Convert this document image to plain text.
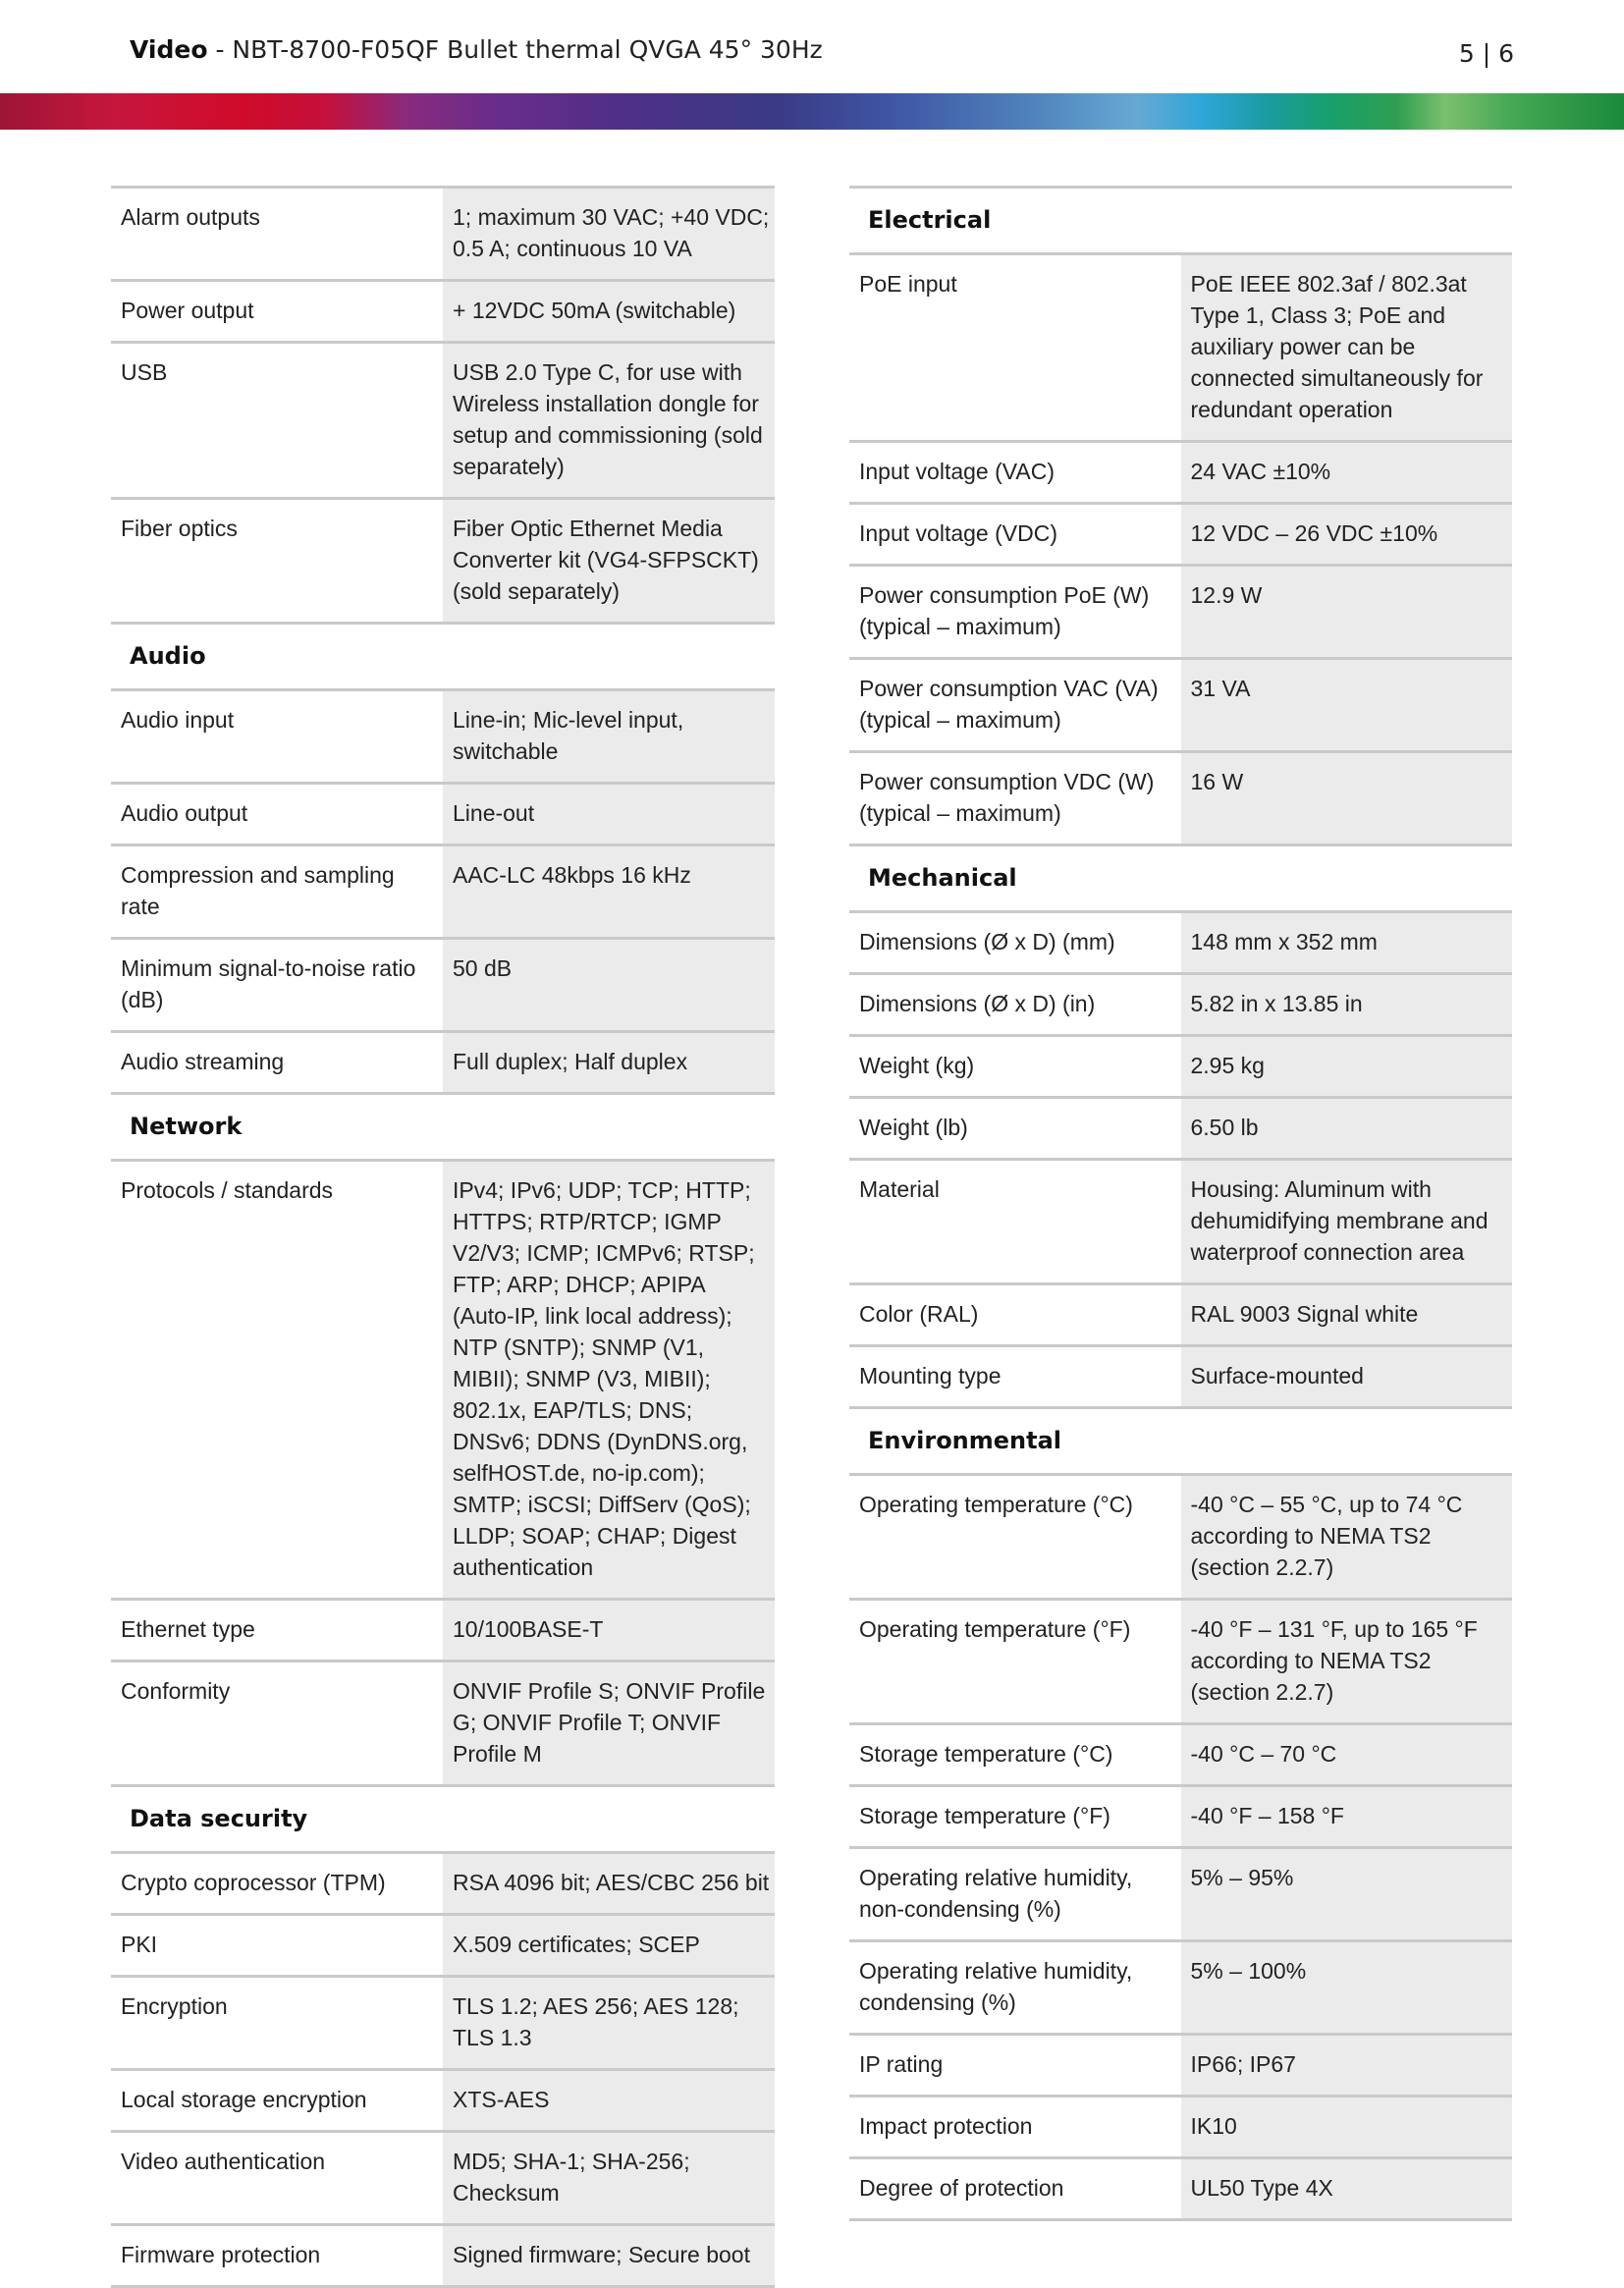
Video - NBT-8700-F05QF Bullet thermal QVGA 45° 30Hz	5 | 6
Alarm outputs	1; maximum 30 VAC; +40 VDC; 0.5 A; continuous 10 VA
Power output	+ 12VDC 50mA (switchable)
USB	USB 2.0 Type C, for use with Wireless installation dongle for setup and commissioning (sold separately)
Fiber optics	Fiber Optic Ethernet Media Converter kit (VG4-SFPSCKT) (sold separately)
Audio	
Audio input	Line-in; Mic-level input, switchable
Audio output	Line-out
Compression and sampling rate	AAC-LC 48kbps 16 kHz
Minimum signal-to-noise ratio (dB)	50 dB
Audio streaming	Full duplex; Half duplex
Network	
Protocols / standards	IPv4; IPv6; UDP; TCP; HTTP; HTTPS; RTP/RTCP; IGMP V2/V3; ICMP; ICMPv6; RTSP; FTP; ARP; DHCP; APIPA (Auto-IP, link local address); NTP (SNTP); SNMP (V1, MIBII); SNMP (V3, MIBII); 802.1x, EAP/TLS; DNS; DNSv6; DDNS (DynDNS.org, selfHOST.de, no-ip.com); SMTP; iSCSI; DiffServ (QoS); LLDP; SOAP; CHAP; Digest authentication
Ethernet type	10/100BASE-T
Conformity	ONVIF Profile S; ONVIF Profile G; ONVIF Profile T; ONVIF Profile M
Data security	
Crypto coprocessor (TPM)	RSA 4096 bit; AES/CBC 256 bit
PKI	X.509 certificates; SCEP
Encryption	TLS 1.2; AES 256; AES 128; TLS 1.3
Local storage encryption	XTS-AES
Video authentication	MD5; SHA-1; SHA-256; Checksum
Firmware protection	Signed firmware; Secure boot
Electrical	
PoE input	PoE IEEE 802.3af / 802.3at Type 1, Class 3; PoE and auxiliary power can be connected simultaneously for redundant operation
Input voltage (VAC)	24 VAC ±10%
Input voltage (VDC)	12 VDC – 26 VDC ±10%
Power consumption PoE (W) (typical – maximum)	12.9 W
Power consumption VAC (VA) (typical – maximum)	31 VA
Power consumption VDC (W) (typical – maximum)	16 W
Mechanical	
Dimensions (Ø x D) (mm)	148 mm x 352 mm
Dimensions (Ø x D) (in)	5.82 in x 13.85 in
Weight (kg)	2.95 kg
Weight (lb)	6.50 lb
Material	Housing: Aluminum with dehumidifying membrane and waterproof connection area
Color (RAL)	RAL 9003 Signal white
Mounting type	Surface-mounted
Environmental	
Operating temperature (°C)	-40 °C – 55 °C, up to 74 °C according to NEMA TS2 (section 2.2.7)
Operating temperature (°F)	-40 °F – 131 °F, up to 165 °F according to NEMA TS2 (section 2.2.7)
Storage temperature (°C)	-40 °C – 70 °C
Storage temperature (°F)	-40 °F – 158 °F
Operating relative humidity, non-condensing (%)	5% – 95%
Operating relative humidity, condensing (%)	5% – 100%
IP rating	IP66; IP67
Impact protection	IK10
Degree of protection	UL50 Type 4X
